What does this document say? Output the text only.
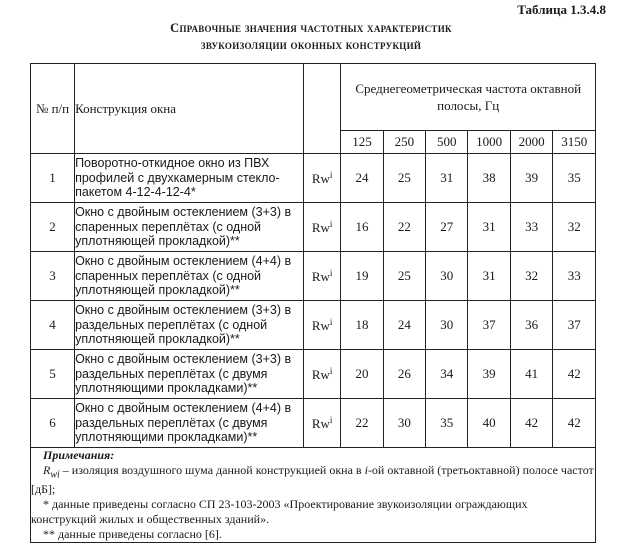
Таблица 1.3.4.8
Справочные значения частотных характеристик
звукоизоляции оконных конструкций
№ п/п	Конструкция окна		Среднегеометрическая частота октавной полосы, Гц					
			125	250	500	1000	2000	3150
1	Поворотно-откидное окно из ПВХ профилей с двухкамерным стекло-пакетом 4-12-4-12-4*	Rw$^i$	24	25	31	38	39	35
2	Окно с двойным остеклением (3+3) в спаренных переплётах (с одной уплотняющей прокладкой)**	Rw$^i$	16	22	27	31	33	32
3	Окно с двойным остеклением (4+4) в спаренных переплётах (с одной уплотняющей прокладкой)**	Rw$^i$	19	25	30	31	32	33
4	Окно с двойным остеклением (3+3) в раздельных переплётах (с одной уплотняющей прокладкой)**	Rw$^i$	18	24	30	37	36	37
5	Окно с двойным остеклением (3+3) в раздельных переплётах (с двумя уплотняющими прокладками)**	Rw$^i$	20	26	34	39	41	42
6	Окно с двойным остеклением (4+4) в раздельных переплётах (с двумя уплотняющими прокладками)**	Rw$^i$	22	30	35	40	42	42

Примечания:

$R_{wi}$ – изоляция воздушного шума данной конструкцией окна в i-ой октавной (третьоктавной) полосе частот [дБ];

* данные приведены согласно СП 23-103-2003 «Проектирование звукоизоляции ограждающих конструкций жилых и общественных зданий».

** данные приведены согласно [6].								
